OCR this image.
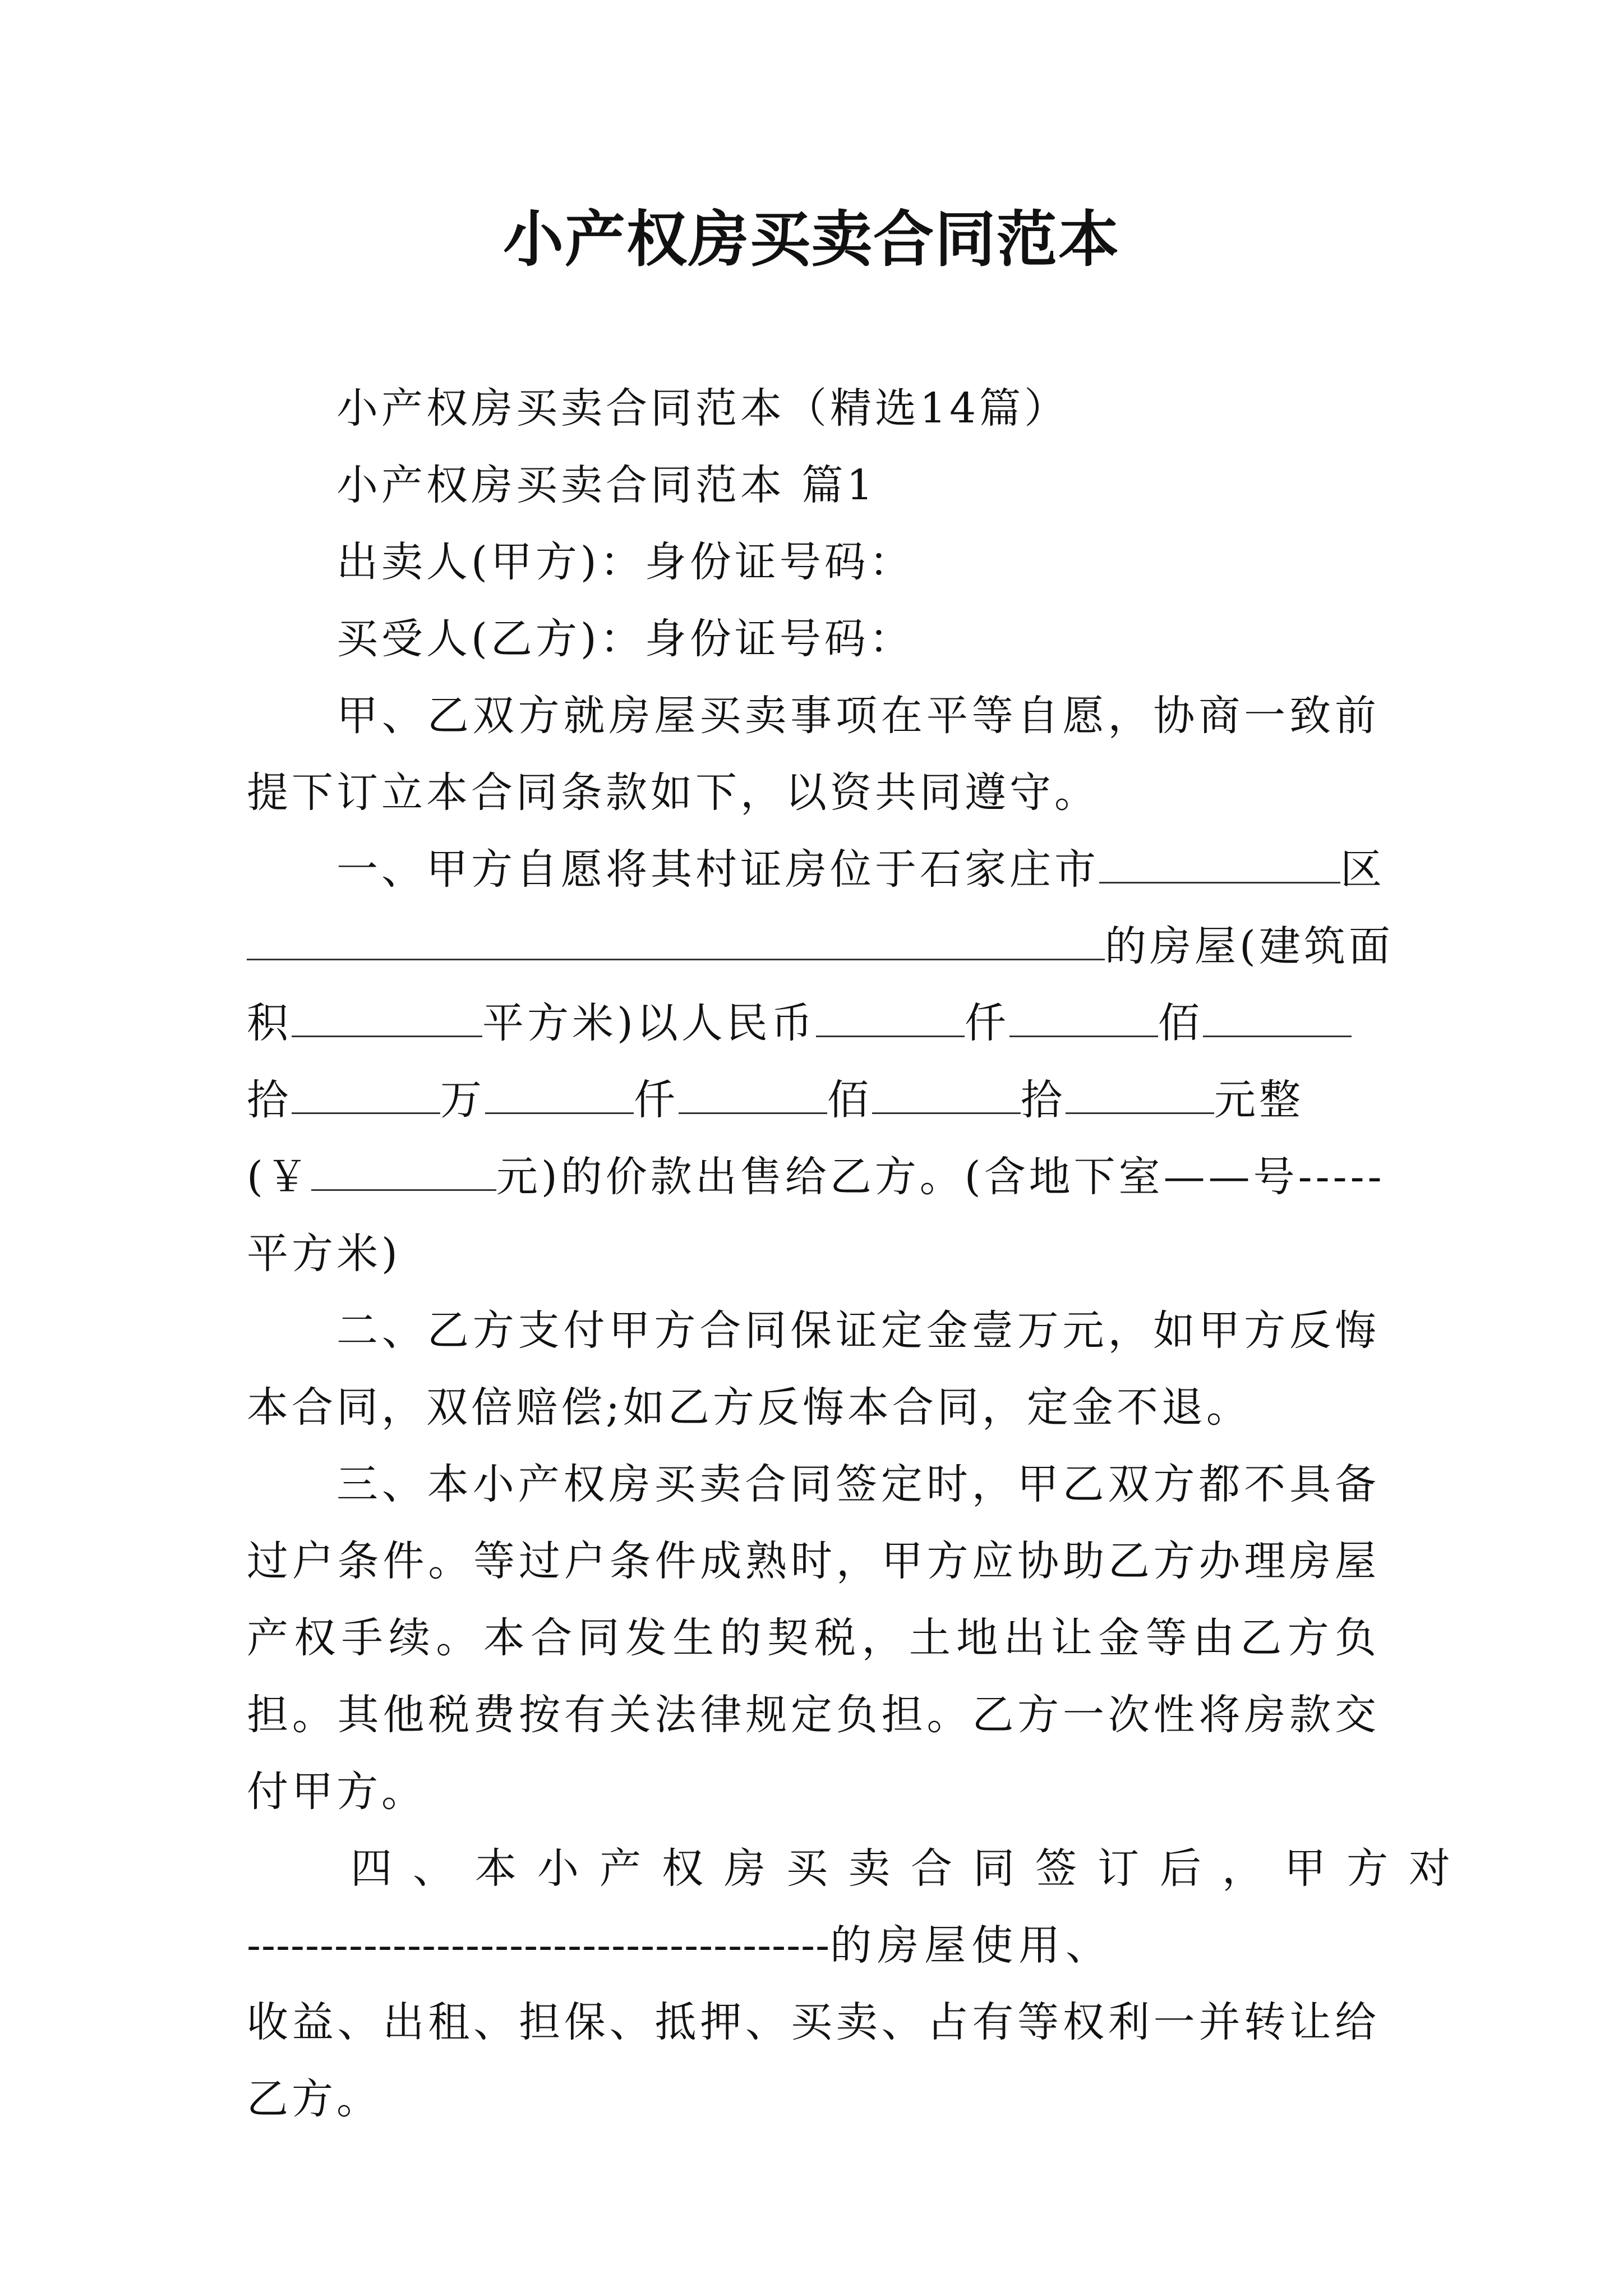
小产权房买卖合同范本

小产权房买卖合同范本（精选14篇）

小产权房买卖合同范本 篇1

出卖人(甲方)：身份证号码：

买受人(乙方)：身份证号码：

甲、乙双方就房屋买卖事项在平等自愿，协商一致前提下订立本合同条款如下，以资共同遵守。

一、甲方自愿将其村证房位于石家庄市	区
的房屋(建筑面
积	平方米)以人民币	仟	佰
拾	万	仟	佰	拾	元整
(￥	元)的价款出售给乙方。(含地下室——号-----
平方米)

二、乙方支付甲方合同保证定金壹万元，如甲方反悔本合同，双倍赔偿;如乙方反悔本合同，定金不退。

三、本小产权房买卖合同签定时，甲乙双方都不具备过户条件。等过户条件成熟时，甲方应协助乙方办理房屋产权手续。本合同发生的契税，土地出让金等由乙方负担。其他税费按有关法律规定负担。乙方一次性将房款交付甲方。

四、本小产权房买卖合同签订后，甲方对
----------------------------------------的房屋使用、

收益、出租、担保、抵押、买卖、占有等权利一并转让给乙方。
